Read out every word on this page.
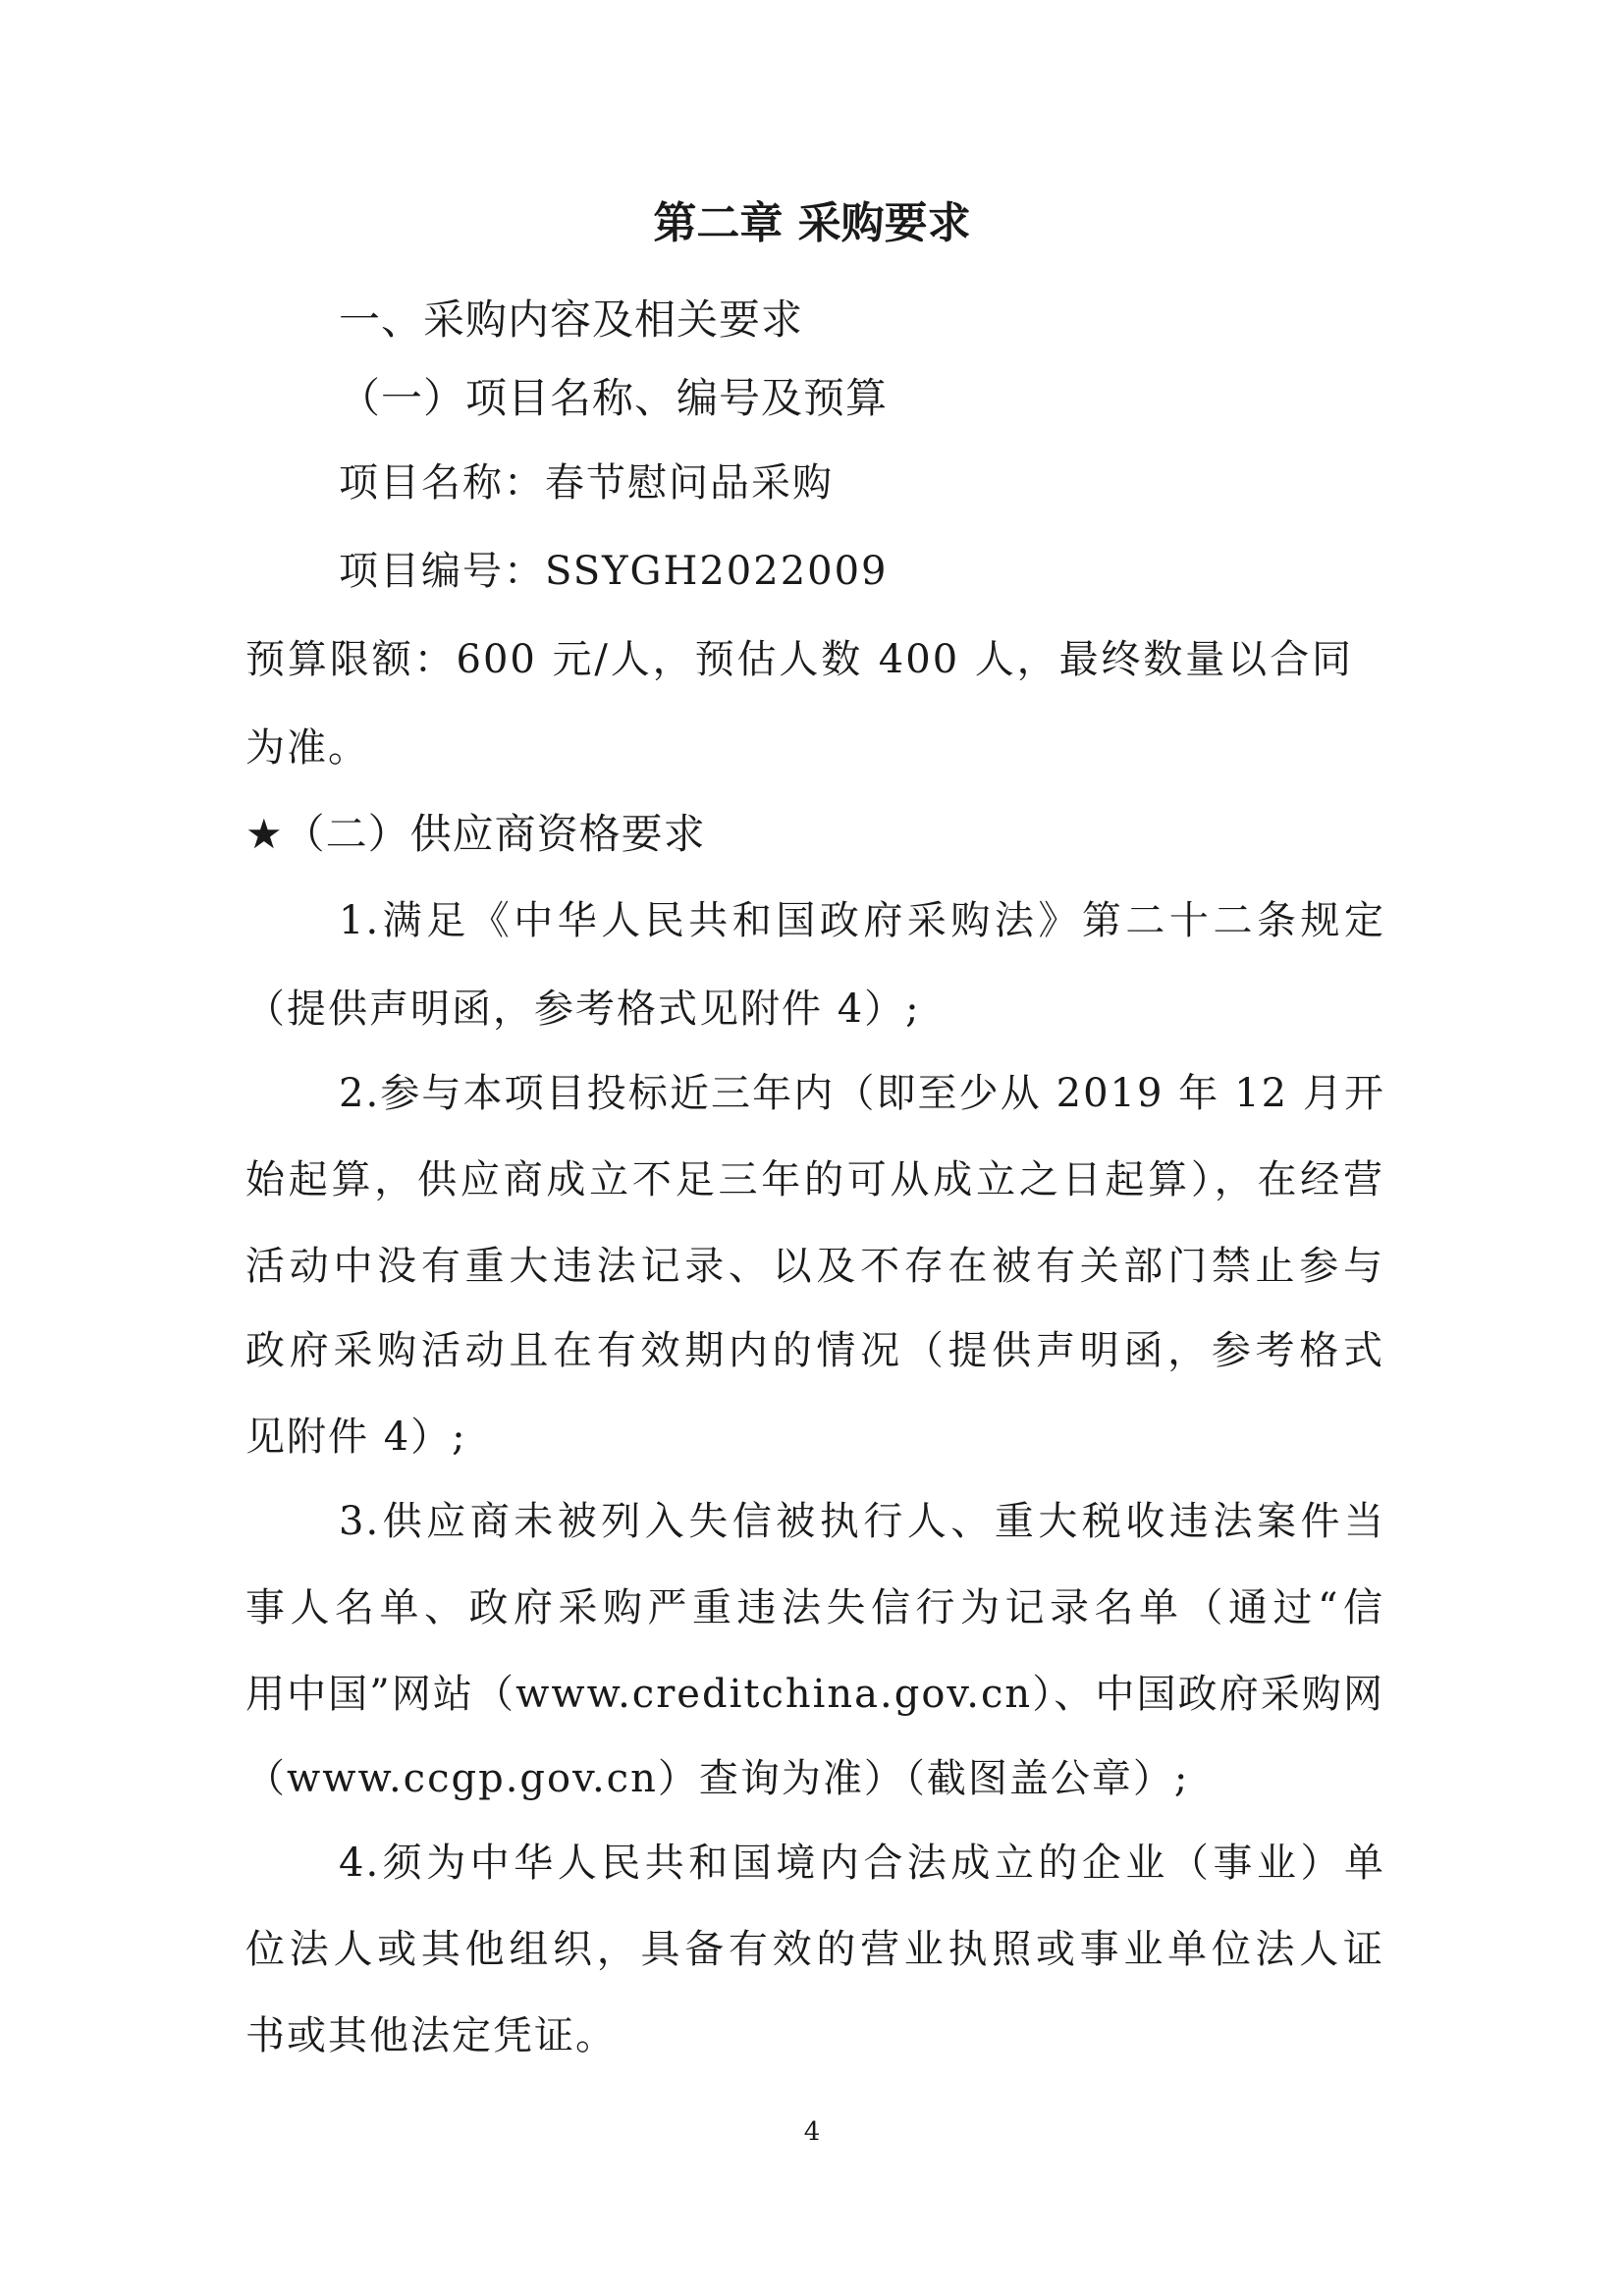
第二章 采购要求

一、采购内容及相关要求

（一）项目名称、编号及预算

项目名称：春节慰问品采购

项目编号：SSYGH2022009

预算限额：600 元/人，预估人数 400 人，最终数量以合同

为准。

★（二）供应商资格要求

1.满足《中华人民共和国政府采购法》第二十二条规定

（提供声明函，参考格式见附件 4）;

2.参与本项目投标近三年内（即至少从 2019 年 12 月开

始起算，供应商成立不足三年的可从成立之日起算），在经营

活动中没有重大违法记录、以及不存在被有关部门禁止参与

政府采购活动且在有效期内的情况（提供声明函，参考格式

见附件 4）;

3.供应商未被列入失信被执行人、重大税收违法案件当

事人名单、政府采购严重违法失信行为记录名单（通过“信

用中国”网站（www.creditchina.gov.cn）、中国政府采购网

（www.ccgp.gov.cn）查询为准）（截图盖公章）;

4.须为中华人民共和国境内合法成立的企业（事业）单

位法人或其他组织，具备有效的营业执照或事业单位法人证

书或其他法定凭证。

4
